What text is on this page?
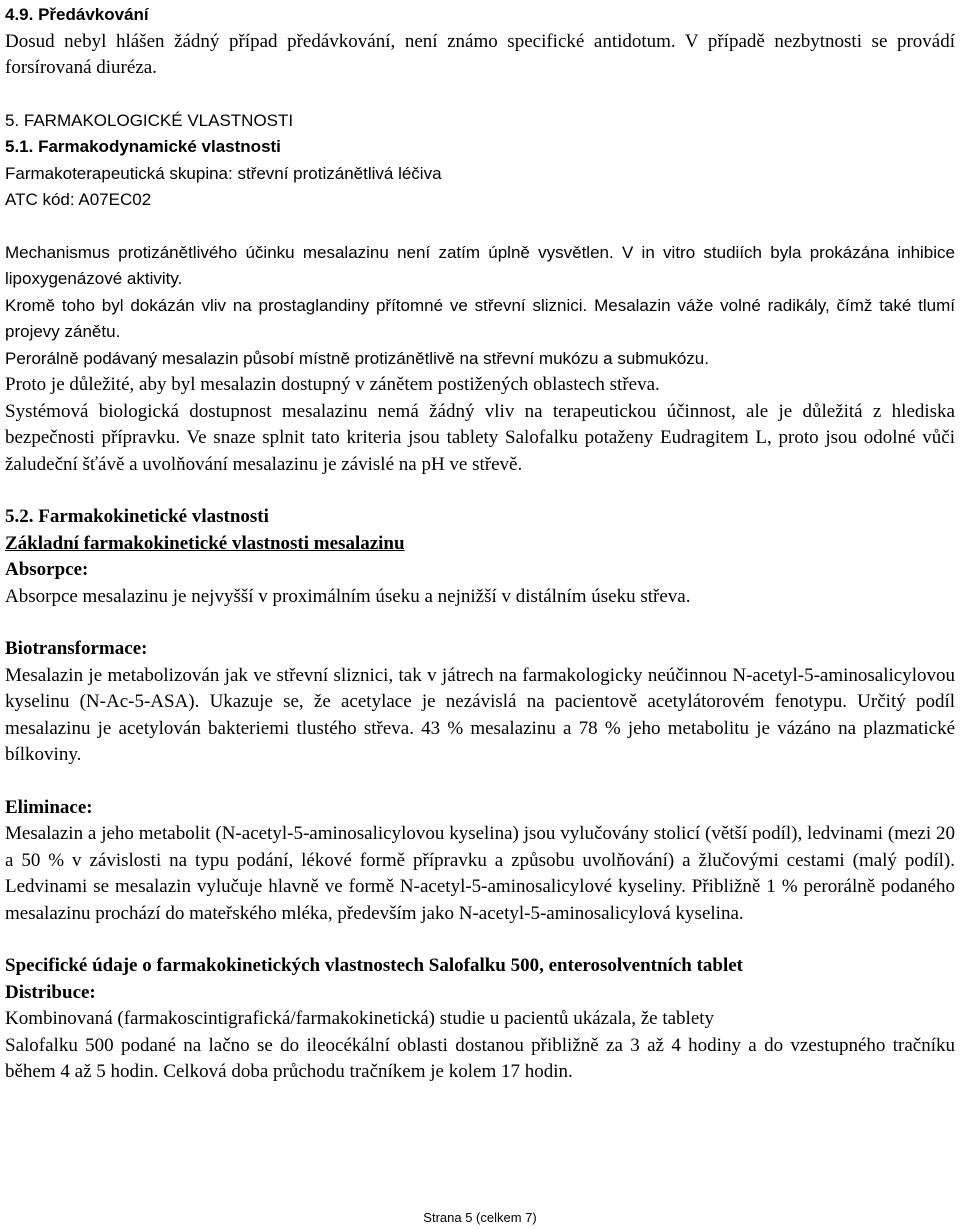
4.9. Předávkování

Dosud nebyl hlášen žádný případ předávkování, není známo specifické antidotum. V případě nezbytnosti se provádí forsírovaná diuréza.

5. FARMAKOLOGICKÉ VLASTNOSTI

5.1. Farmakodynamické vlastnosti

Farmakoterapeutická skupina: střevní protizánětlivá léčiva

ATC kód: A07EC02

Mechanismus protizánětlivého účinku mesalazinu není zatím úplně vysvětlen. V in vitro studiích byla prokázána inhibice lipoxygenázové aktivity.

Kromě toho byl dokázán vliv na prostaglandiny přítomné ve střevní sliznici. Mesalazin váže volné radikály, čímž také tlumí projevy zánětu.

Perorálně podávaný mesalazin působí místně protizánětlivě na střevní mukózu a submukózu.

Proto je důležité, aby byl mesalazin dostupný v zánětem postižených oblastech střeva.

Systémová biologická dostupnost mesalazinu nemá žádný vliv na terapeutickou účinnost, ale je důležitá z hlediska bezpečnosti přípravku. Ve snaze splnit tato kriteria jsou tablety Salofalku potaženy Eudragitem L, proto jsou odolné vůči žaludeční šťávě a uvolňování mesalazinu je závislé na pH ve střevě.

5.2. Farmakokinetické vlastnosti

Základní farmakokinetické vlastnosti mesalazinu

Absorpce:

Absorpce mesalazinu je nejvyšší v proximálním úseku a nejnižší v distálním úseku střeva.

Biotransformace:

Mesalazin je metabolizován jak ve střevní sliznici, tak v játrech na farmakologicky neúčinnou N-acetyl-5-aminosalicylovou kyselinu (N-Ac-5-ASA). Ukazuje se, že acetylace je nezávislá na pacientově acetylátorovém fenotypu. Určitý podíl mesalazinu je acetylován bakteriemi tlustého střeva. 43 % mesalazinu a 78 % jeho metabolitu je vázáno na plazmatické bílkoviny.

Eliminace:

Mesalazin a jeho metabolit (N-acetyl-5-aminosalicylovou kyselina) jsou vylučovány stolicí (větší podíl), ledvinami (mezi 20 a 50 % v závislosti na typu podání, lékové formě přípravku a způsobu uvolňování) a žlučovými cestami (malý podíl). Ledvinami se mesalazin vylučuje hlavně ve formě N-acetyl-5-aminosalicylové kyseliny. Přibližně 1 % perorálně podaného mesalazinu prochází do mateřského mléka, především jako N-acetyl-5-aminosalicylová kyselina.

Specifické údaje o farmakokinetických vlastnostech Salofalku 500, enterosolventních tablet

Distribuce:

Kombinovaná (farmakoscintigrafická/farmakokinetická) studie u pacientů ukázala, že tablety

Salofalku 500 podané na lačno se do ileocékální oblasti dostanou přibližně za 3 až 4 hodiny a do vzestupného tračníku během 4 až 5 hodin. Celková doba průchodu tračníkem je kolem 17 hodin.

Strana 5 (celkem 7)
